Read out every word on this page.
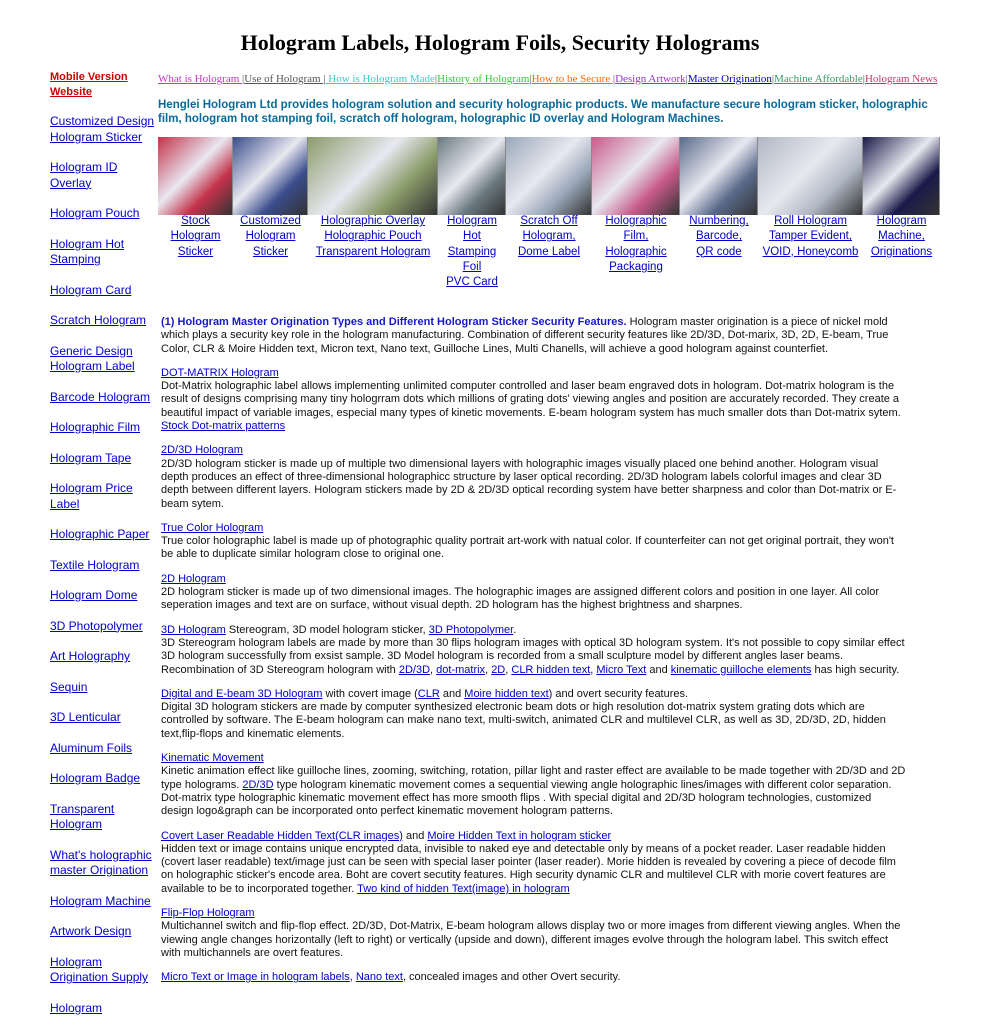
Hologram Labels, Hologram Foils, Security Holograms
Mobile Version Website
Customized Design Hologram Sticker
Hologram ID Overlay
Hologram Pouch
Hologram Hot Stamping
Hologram Card
Scratch Hologram
Generic Design Hologram Label
Barcode Hologram
Holographic Film
Hologram Tape
Hologram Price Label
Holographic Paper
Textile Hologram
Hologram Dome
3D Photopolymer
Art Holography
Sequin
3D Lenticular
Aluminum Foils
Hologram Badge
Transparent Hologram
What's holographic master Origination
Hologram Machine
Artwork Design
Hologram Origination Supply
Hologram
What is Hologram |Use of Hologram | How is Hologram Made|History of Hologram|How to be Secure |Design Artwork|Master Origination|Machine Affordable|Hologram News
Henglei Hologram Ltd provides hologram solution and security holographic products. We manufacture secure hologram sticker, holographic film, hologram hot stamping foil, scratch off hologram, holographic ID overlay and Hologram Machines.
Stock
Hologram
Sticker

Customized
Hologram
Sticker

Holographic Overlay
Holographic Pouch
Transparent Hologram

Hologram
Hot
Stamping
Foil
PVC Card

Scratch Off
Hologram,
Dome Label

Holographic Film,
Holographic
Packaging

Numbering,
Barcode,
QR code

Roll Hologram
Tamper Evident,
VOID, Honeycomb

Hologram
Machine,
Originations

(1) Hologram Master Origination Types and Different Hologram Sticker Security Features. Hologram master origination is a piece of nickel mold which plays a security key role in the hologram manufacturing. Combination of different security features like 2D/3D, Dot-marix, 3D, 2D, E-beam, True Color, CLR & Moire Hidden text, Micron text, Nano text, Guilloche Lines, Multi Chanells, will achieve a good hologram against counterfiet.

DOT-MATRIX Hologram
Dot-Matrix holographic label allows implementing unlimited computer controlled and laser beam engraved dots in hologram. Dot-matrix hologram is the result of designs comprising many tiny hologrram dots which millions of grating dots' viewing angles and position are accurately recorded. They create a beautiful impact of variable images, especial many types of kinetic movements. E-beam hologram system has much smaller dots than Dot-matrix sytem. Stock Dot-matrix patterns

2D/3D Hologram
2D/3D hologram sticker is made up of multiple two dimensional layers with holographic images visually placed one behind another. Hologram visual depth produces an effect of three-dimensional holographicc structure by laser optical recording. 2D/3D hologram labels colorful images and clear 3D depth between different layers. Hologram stickers made by 2D & 2D/3D optical recording system have better sharpness and color than Dot-matrix or E-beam sytem.

True Color Hologram
True color holographic label is made up of photographic quality portrait art-work with natual color. If counterfeiter can not get original portrait, they won't be able to duplicate similar hologram close to original one.

2D Hologram
2D hologram sticker is made up of two dimensional images. The holographic images are assigned different colors and position in one layer. All color seperation images and text are on surface, without visual depth. 2D hologram has the highest brightness and sharpnes.

3D Hologram Stereogram, 3D model hologram sticker, 3D Photopolymer.
3D Stereogram hologram labels are made by more than 30 flips hologram images with optical 3D hologram system. It's not possible to copy similar effect 3D hologram successfully from exsist sample. 3D Model hologram is recorded from a small sculpture model by different angles laser beams. Recombination of 3D Stereogram hologram with 2D/3D, dot-matrix, 2D, CLR hidden text, Micro Text and kinematic guilloche elements has high security.

Digital and E-beam 3D Hologram with covert image (CLR and Moire hidden text) and overt security features.
Digital 3D hologram stickers are made by computer synthesized electronic beam dots or high resolution dot-matrix system grating dots which are controlled by software. The E-beam hologram can make nano text, multi-switch, animated CLR and multilevel CLR, as well as 3D, 2D/3D, 2D, hidden text,flip-flops and kinematic elements.

Kinematic Movement
Kinetic animation effect like guilloche lines, zooming, switching, rotation, pillar light and raster effect are available to be made together with 2D/3D and 2D type holograms. 2D/3D type hologram kinematic movement comes a sequential viewing angle holographic lines/images with different color separation. Dot-matrix type holographic kinematic movement effect has more smooth flips . With special digital and 2D/3D hologram technologies, customized design logo&graph can be incorporated onto perfect kinematic movement hologram patterns.

Covert Laser Readable Hidden Text(CLR images) and Moire Hidden Text in hologram sticker
Hidden text or image contains unique encrypted data, invisible to naked eye and detectable only by means of a pocket reader. Laser readable hidden (covert laser readable) text/image just can be seen with special laser pointer (laser reader). Morie hidden is revealed by covering a piece of decode film on holographic sticker's encode area. Boht are covert secutity features. High security dynamic CLR and multilevel CLR with morie covert features are available to be to incorporated together. Two kind of hidden Text(image) in hologram

Flip-Flop Hologram
Multichannel switch and flip-flop effect. 2D/3D, Dot-Matrix, E-beam hologram allows display two or more images from different viewing angles. When the viewing angle changes horizontally (left to right) or vertically (upside and down), different images evolve through the hologram label. This switch effect with multichannels are overt features.

Micro Text or Image in hologram labels, Nano text, concealed images and other Overt security.
